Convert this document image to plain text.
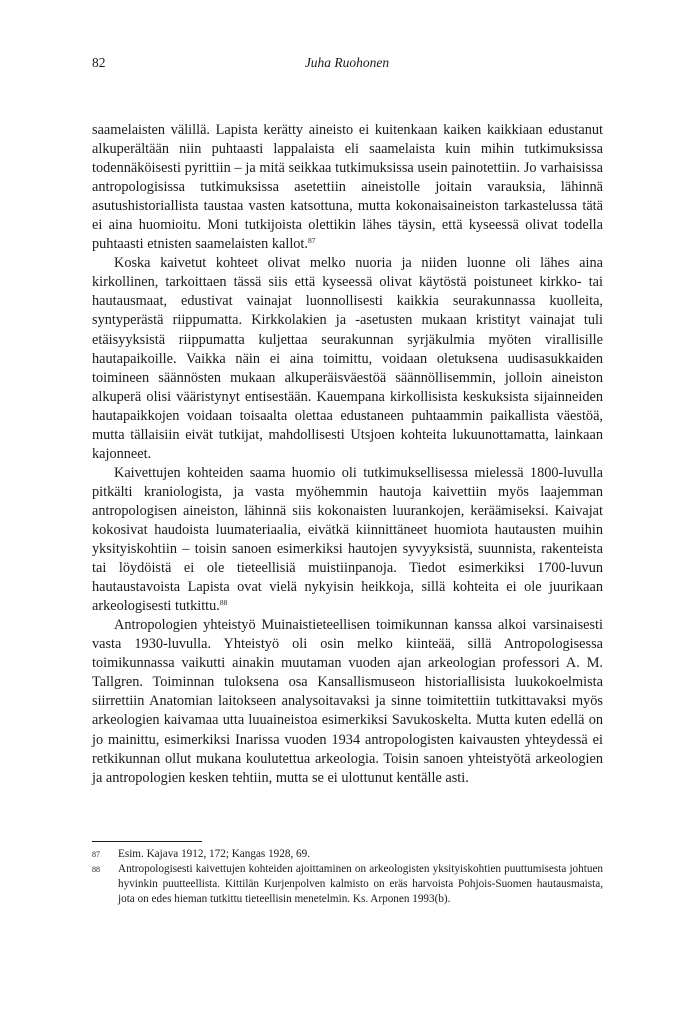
82	Juha Ruohonen

saamelaisten välillä. Lapista kerätty aineisto ei kuitenkaan kaiken kaikkiaan edustanut alkuperältään niin puhtaasti lappalaista eli saamelaista kuin mihin tutkimuksissa todennäköisesti pyrittiin – ja mitä seikkaa tutkimuksissa usein painotettiin. Jo varhaisissa antropologisissa tutkimuksissa asetettiin aineistolle joitain varauksia, lähinnä asutushistoriallista taustaa vasten katsottuna, mutta kokonaisaineiston tarkastelussa tätä ei aina huomioitu. Moni tutkijoista olettikin lähes täysin, että kyseessä olivat todella puhtaasti etnisten saamelaisten kallot.$^{87}$

Koska kaivetut kohteet olivat melko nuoria ja niiden luonne oli lähes aina kirkollinen, tarkoittaen tässä siis että kyseessä olivat käytöstä poistuneet kirkko- tai hautausmaat, edustivat vainajat luonnollisesti kaikkia seurakunnassa kuolleita, syntyperästä riippumatta. Kirkkolakien ja -asetusten mukaan kristityt vainajat tuli etäisyyksistä riippumatta kuljettaa seurakunnan syrjäkulmia myöten virallisille hautapaikoille. Vaikka näin ei aina toimittu, voidaan oletuksena uudisasukkaiden toimineen säännösten mukaan alkuperäisväestöä säännöllisemmin, jolloin aineiston alkuperä olisi vääristynyt entisestään. Kauempana kirkollisista keskuksista sijainneiden hautapaikkojen voidaan toisaalta olettaa edustaneen puhtaammin paikallista väestöä, mutta tällaisiin eivät tutkijat, mahdollisesti Utsjoen kohteita lukuunottamatta, lainkaan kajonneet.

Kaivettujen kohteiden saama huomio oli tutkimuksellisessa mielessä 1800-luvulla pitkälti kraniologista, ja vasta myöhemmin hautoja kaivettiin myös laajemman antropologisen aineiston, lähinnä siis kokonaisten luurankojen, keräämiseksi. Kaivajat kokosivat haudoista luumateriaalia, eivätkä kiinnittäneet huomiota hautausten muihin yksityiskohtiin – toisin sanoen esimerkiksi hautojen syvyyksistä, suunnista, rakenteista tai löydöistä ei ole tieteellisiä muistiinpanoja. Tiedot esimerkiksi 1700-luvun hautaustavoista Lapista ovat vielä nykyisin heikkoja, sillä kohteita ei ole juurikaan arkeologisesti tutkittu.$^{88}$

Antropologien yhteistyö Muinaistieteellisen toimikunnan kanssa alkoi varsinaisesti vasta 1930-luvulla. Yhteistyö oli osin melko kiinteää, sillä Antropologisessa toimikunnassa vaikutti ainakin muutaman vuoden ajan arkeologian professori A. M. Tallgren. Toiminnan tuloksena osa Kansallismuseon historiallisista luukokoelmista siirrettiin Anatomian laitokseen analysoitavaksi ja sinne toimitettiin tutkittavaksi myös arkeologien kaivamaa utta luuaineistoa esimerkiksi Savukoskelta. Mutta kuten edellä on jo mainittu, esimerkiksi Inarissa vuoden 1934 antropologisten kaivausten yhteydessä ei retkikunnan ollut mukana koulutettua arkeologia. Toisin sanoen yhteistyötä arkeologien ja antropologien kesken tehtiin, mutta se ei ulottunut kentälle asti.

87	Esim. Kajava 1912, 172; Kangas 1928, 69.
88	Antropologisesti kaivettujen kohteiden ajoittaminen on arkeologisten yksityiskohtien puuttumisesta johtuen hyvinkin puutteellista. Kittilän Kurjenpolven kalmisto on eräs harvoista Pohjois-Suomen hautausmaista, jota on edes hieman tutkittu tieteellisin menetelmin. Ks. Arponen 1993(b).
